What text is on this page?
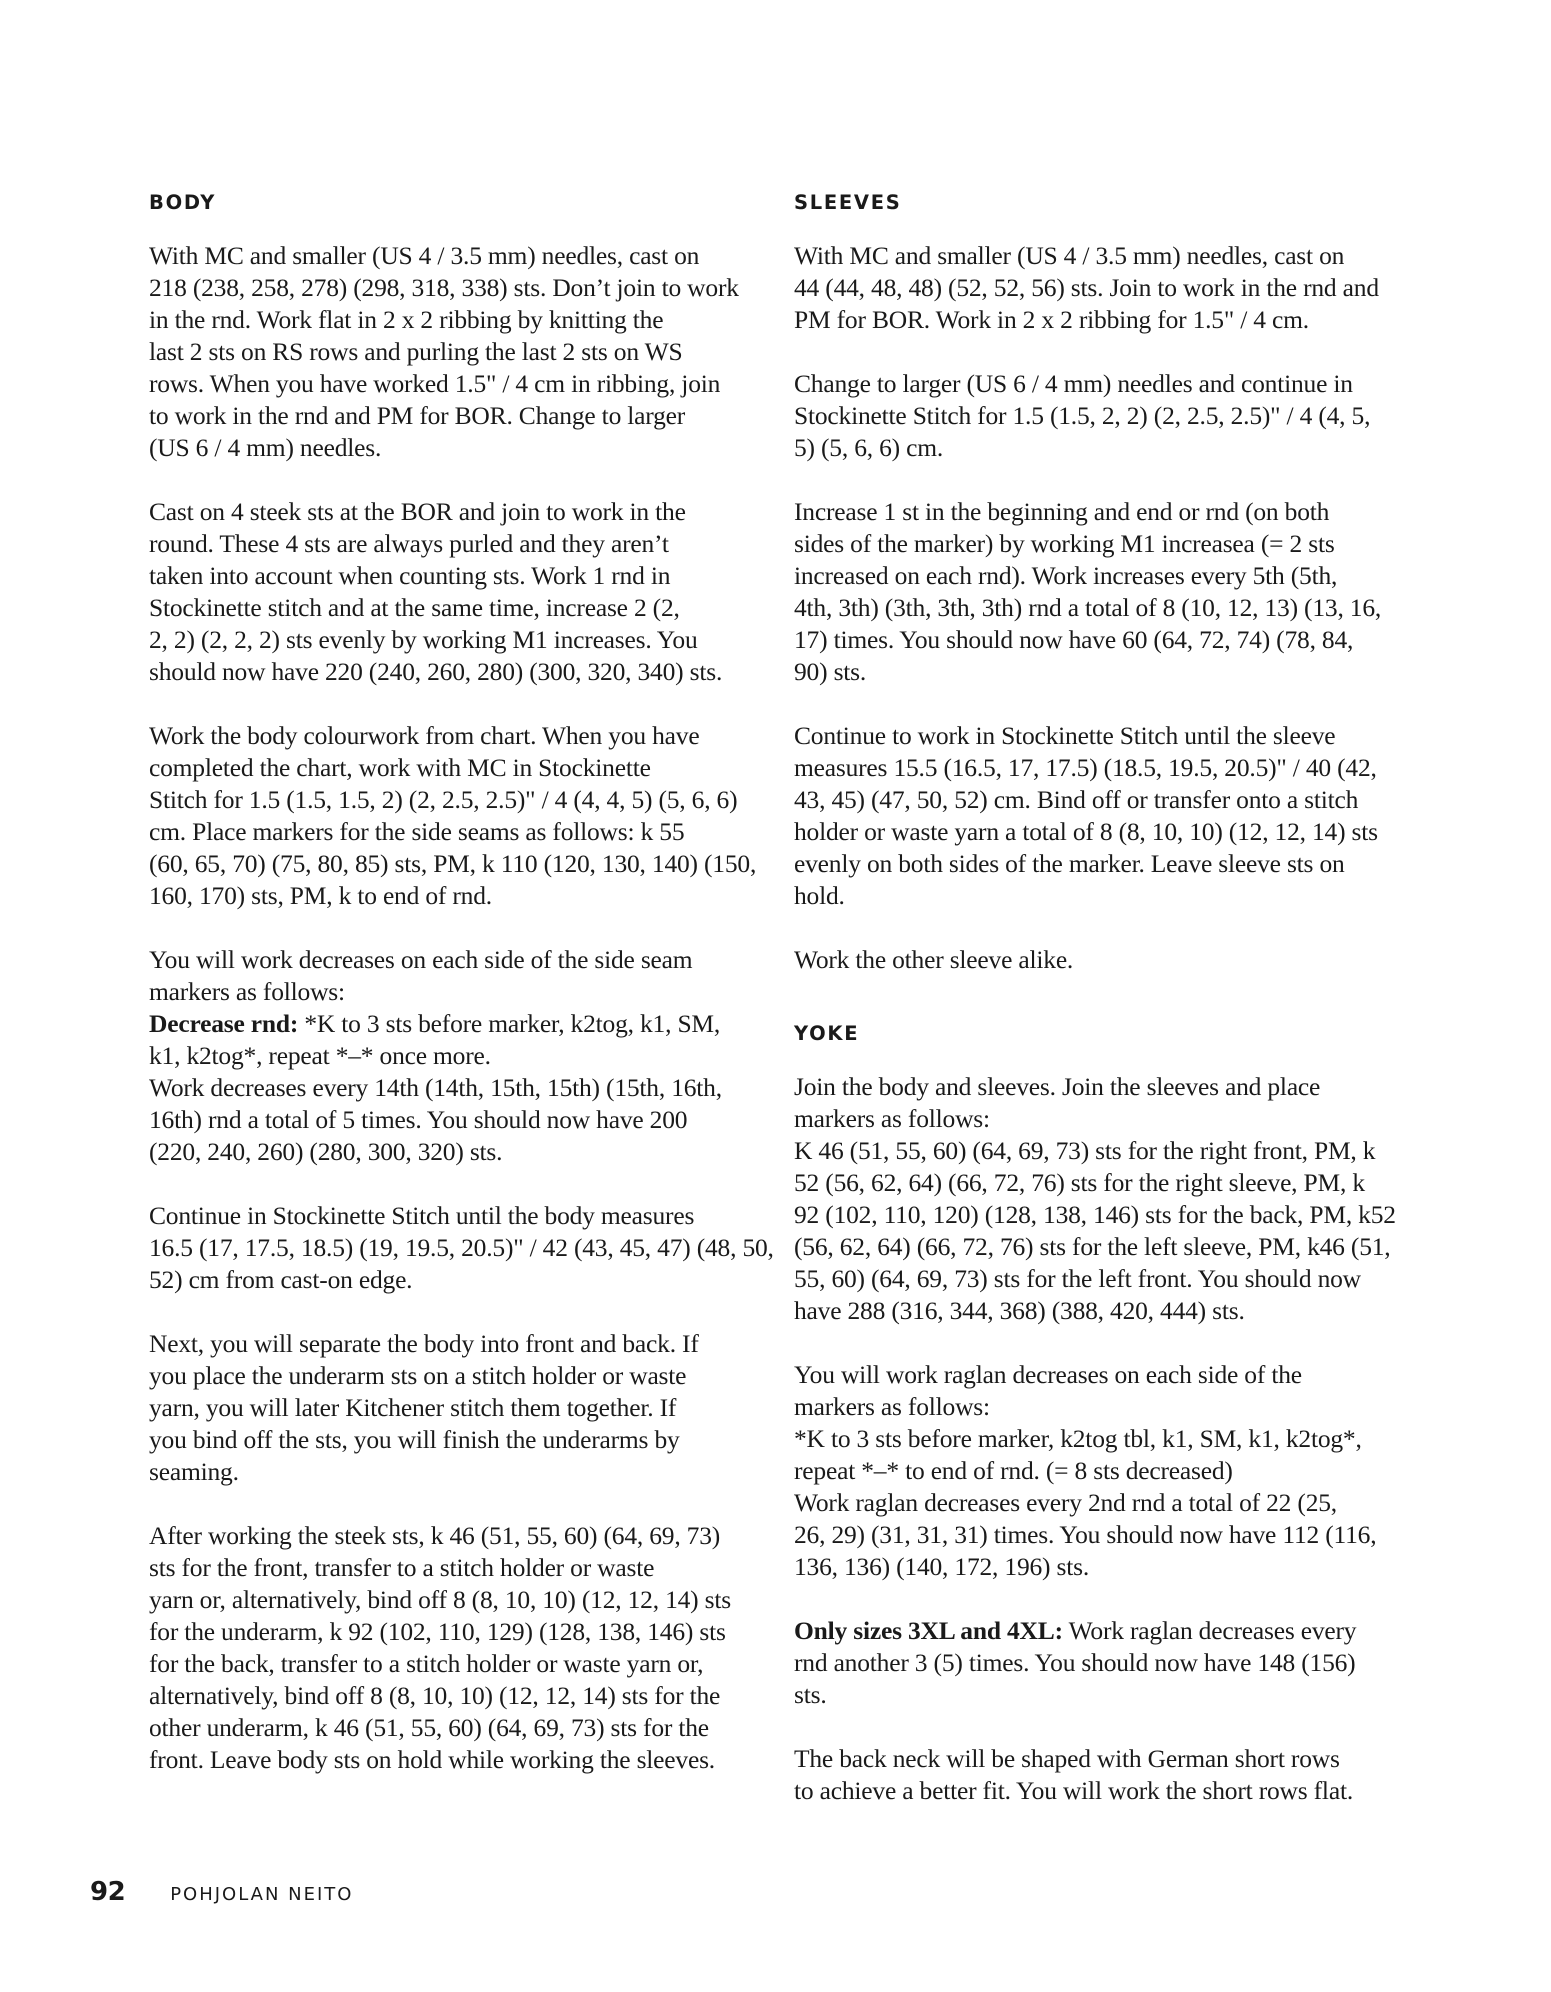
BODY

With MC and smaller (US 4 / 3.5 mm) needles, cast on
218 (238, 258, 278) (298, 318, 338) sts. Don’t join to work
in the rnd. Work flat in 2 x 2 ribbing by knitting the
last 2 sts on RS rows and purling the last 2 sts on WS
rows. When you have worked 1.5" / 4 cm in ribbing, join
to work in the rnd and PM for BOR. Change to larger
(US 6 / 4 mm) needles.

Cast on 4 steek sts at the BOR and join to work in the
round. These 4 sts are always purled and they aren’t
taken into account when counting sts. Work 1 rnd in
Stockinette stitch and at the same time, increase 2 (2,
2, 2) (2, 2, 2) sts evenly by working M1 increases. You
should now have 220 (240, 260, 280) (300, 320, 340) sts.

Work the body colourwork from chart. When you have
completed the chart, work with MC in Stockinette
Stitch for 1.5 (1.5, 1.5, 2) (2, 2.5, 2.5)" / 4 (4, 4, 5) (5, 6, 6)
cm. Place markers for the side seams as follows: k 55
(60, 65, 70) (75, 80, 85) sts, PM, k 110 (120, 130, 140) (150,
160, 170) sts, PM, k to end of rnd.

You will work decreases on each side of the side seam
markers as follows:
Decrease rnd: *K to 3 sts before marker, k2tog, k1, SM,
k1, k2tog*, repeat *–* once more.
Work decreases every 14th (14th, 15th, 15th) (15th, 16th,
16th) rnd a total of 5 times. You should now have 200
(220, 240, 260) (280, 300, 320) sts.

Continue in Stockinette Stitch until the body measures
16.5 (17, 17.5, 18.5) (19, 19.5, 20.5)" / 42 (43, 45, 47) (48, 50,
52) cm from cast-on edge.

Next, you will separate the body into front and back. If
you place the underarm sts on a stitch holder or waste
yarn, you will later Kitchener stitch them together. If
you bind off the sts, you will finish the underarms by
seaming.

After working the steek sts, k 46 (51, 55, 60) (64, 69, 73)
sts for the front, transfer to a stitch holder or waste
yarn or, alternatively, bind off 8 (8, 10, 10) (12, 12, 14) sts
for the underarm, k 92 (102, 110, 129) (128, 138, 146) sts
for the back, transfer to a stitch holder or waste yarn or,
alternatively, bind off 8 (8, 10, 10) (12, 12, 14) sts for the
other underarm, k 46 (51, 55, 60) (64, 69, 73) sts for the
front. Leave body sts on hold while working the sleeves.

SLEEVES

With MC and smaller (US 4 / 3.5 mm) needles, cast on
44 (44, 48, 48) (52, 52, 56) sts. Join to work in the rnd and
PM for BOR. Work in 2 x 2 ribbing for 1.5" / 4 cm.

Change to larger (US 6 / 4 mm) needles and continue in
Stockinette Stitch for 1.5 (1.5, 2, 2) (2, 2.5, 2.5)" / 4 (4, 5,
5) (5, 6, 6) cm.

Increase 1 st in the beginning and end or rnd (on both
sides of the marker) by working M1 increasea (= 2 sts
increased on each rnd). Work increases every 5th (5th,
4th, 3th) (3th, 3th, 3th) rnd a total of 8 (10, 12, 13) (13, 16,
17) times. You should now have 60 (64, 72, 74) (78, 84,
90) sts.

Continue to work in Stockinette Stitch until the sleeve
measures 15.5 (16.5, 17, 17.5) (18.5, 19.5, 20.5)" / 40 (42,
43, 45) (47, 50, 52) cm. Bind off or transfer onto a stitch
holder or waste yarn a total of 8 (8, 10, 10) (12, 12, 14) sts
evenly on both sides of the marker. Leave sleeve sts on
hold.

Work the other sleeve alike.

YOKE

Join the body and sleeves. Join the sleeves and place
markers as follows:
K 46 (51, 55, 60) (64, 69, 73) sts for the right front, PM, k
52 (56, 62, 64) (66, 72, 76) sts for the right sleeve, PM, k
92 (102, 110, 120) (128, 138, 146) sts for the back, PM, k52
(56, 62, 64) (66, 72, 76) sts for the left sleeve, PM, k46 (51,
55, 60) (64, 69, 73) sts for the left front. You should now
have 288 (316, 344, 368) (388, 420, 444) sts.

You will work raglan decreases on each side of the
markers as follows:
*K to 3 sts before marker, k2tog tbl, k1, SM, k1, k2tog*,
repeat *–* to end of rnd. (= 8 sts decreased)
Work raglan decreases every 2nd rnd a total of 22 (25,
26, 29) (31, 31, 31) times. You should now have 112 (116,
136, 136) (140, 172, 196) sts.

Only sizes 3XL and 4XL: Work raglan decreases every
rnd another 3 (5) times. You should now have 148 (156)
sts.

The back neck will be shaped with German short rows
to achieve a better fit. You will work the short rows flat.

92	POHJOLAN NEITO
